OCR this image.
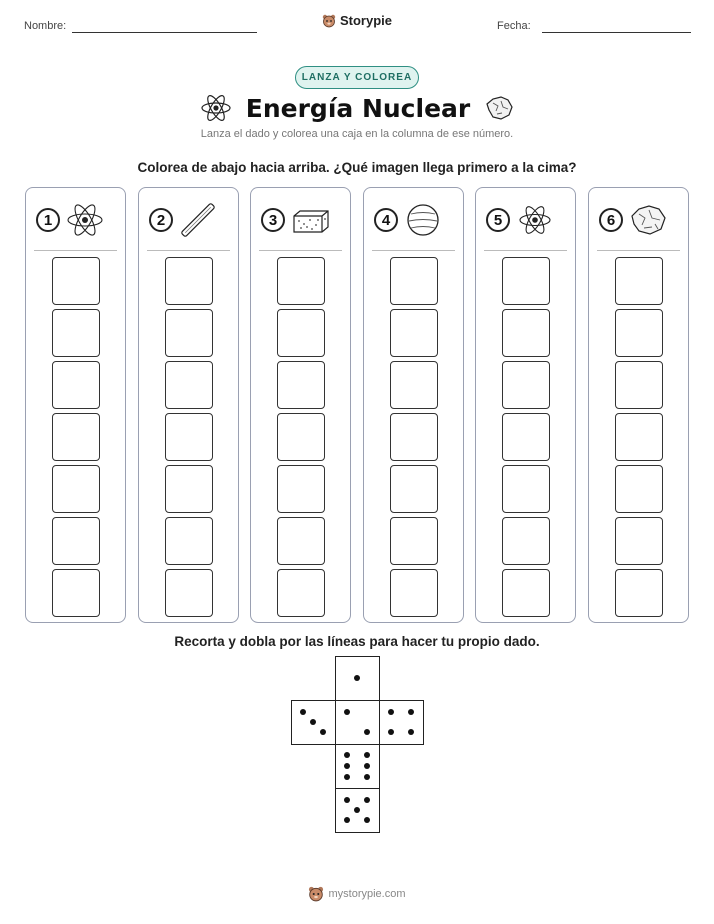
Nombre:	Storypie	Fecha:
LANZA Y COLOREA
Energía Nuclear
Lanza el dado y colorea una caja en la columna de ese número.
Colorea de abajo hacia arriba. ¿Qué imagen llega primero a la cima?
1	2	3	4	5	6
Recorta y dobla por las líneas para hacer tu propio dado.
mystorypie.com
